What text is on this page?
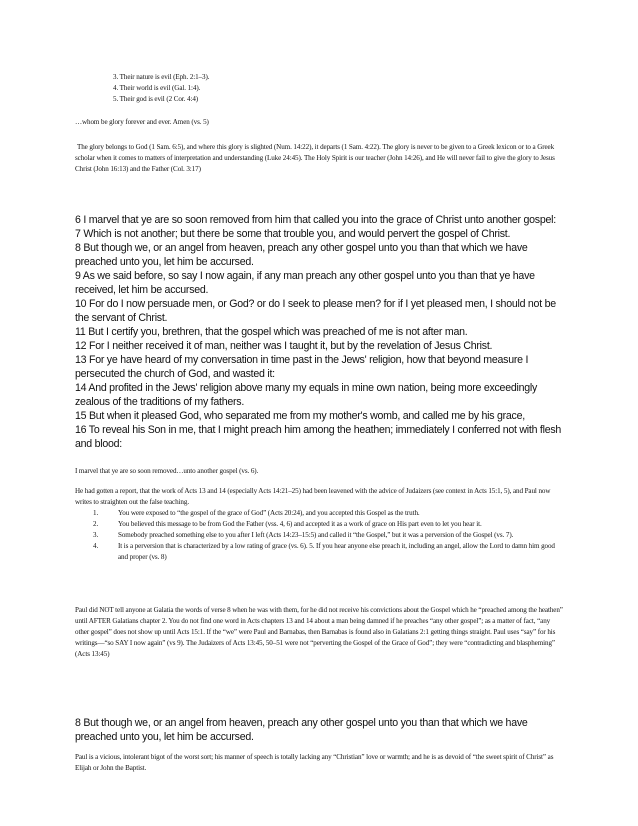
3. Their nature is evil (Eph. 2:1–3).
4. Their world is evil (Gal. 1:4).
5. Their god is evil (2 Cor. 4:4)

…whom be glory forever and ever. Amen (vs. 5)

The glory belongs to God (1 Sam. 6:5), and where this glory is slighted (Num. 14:22), it departs (1 Sam. 4:22). The glory is never to be given to a Greek lexicon or to a Greek scholar when it comes to matters of interpretation and understanding (Luke 24:45). The Holy Spirit is our teacher (John 14:26), and He will never fail to give the glory to Jesus Christ (John 16:13) and the Father (Col. 3:17)

6 I marvel that ye are so soon removed from him that called you into the grace of Christ unto another gospel:

7 Which is not another; but there be some that trouble you, and would pervert the gospel of Christ.

8 But though we, or an angel from heaven, preach any other gospel unto you than that which we have preached unto you, let him be accursed.

9 As we said before, so say I now again, if any man preach any other gospel unto you than that ye have received, let him be accursed.

10 For do I now persuade men, or God? or do I seek to please men? for if I yet pleased men, I should not be the servant of Christ.

11 But I certify you, brethren, that the gospel which was preached of me is not after man.

12 For I neither received it of man, neither was I taught it, but by the revelation of Jesus Christ.

13 For ye have heard of my conversation in time past in the Jews' religion, how that beyond measure I persecuted the church of God, and wasted it:

14 And profited in the Jews' religion above many my equals in mine own nation, being more exceedingly zealous of the traditions of my fathers.

15 But when it pleased God, who separated me from my mother's womb, and called me by his grace,

16 To reveal his Son in me, that I might preach him among the heathen; immediately I conferred not with flesh and blood:

I marvel that ye are so soon removed…unto another gospel (vs. 6).

He had gotten a report, that the work of Acts 13 and 14 (especially Acts 14:21–25) had been leavened with the advice of Judaizers (see context in Acts 15:1, 5), and Paul now writes to straighten out the false teaching.

1.	You were exposed to “the gospel of the grace of God” (Acts 20:24), and you accepted this Gospel as the truth.
2.	You believed this message to be from God the Father (vss. 4, 6) and accepted it as a work of grace on His part even to let you hear it.
3.	Somebody preached something else to you after I left (Acts 14:23–15:5) and called it “the Gospel,” but it was a perversion of the Gospel (vs. 7).
4.	It is a perversion that is characterized by a low rating of grace (vs. 6). 5. If you hear anyone else preach it, including an angel, allow the Lord to damn him good and proper (vs. 8)

Paul did NOT tell anyone at Galatia the words of verse 8 when he was with them, for he did not receive his convictions about the Gospel which he “preached among the heathen” until AFTER Galatians chapter 2. You do not find one word in Acts chapters 13 and 14 about a man being damned if he preaches “any other gospel”; as a matter of fact, “any other gospel” does not show up until Acts 15:1. If the “we” were Paul and Barnabas, then Barnabas is found also in Galatians 2:1 getting things straight. Paul uses “say” for his writings—“so SAY I now again” (vs 9). The Judaizers of Acts 13:45, 50–51 were not “perverting the Gospel of the Grace of God”; they were “contradicting and blaspheming” (Acts 13:45)

8 But though we, or an angel from heaven, preach any other gospel unto you than that which we have preached unto you, let him be accursed.

Paul is a vicious, intolerant bigot of the worst sort; his manner of speech is totally lacking any “Christian” love or warmth; and he is as devoid of “the sweet spirit of Christ” as Elijah or John the Baptist.
